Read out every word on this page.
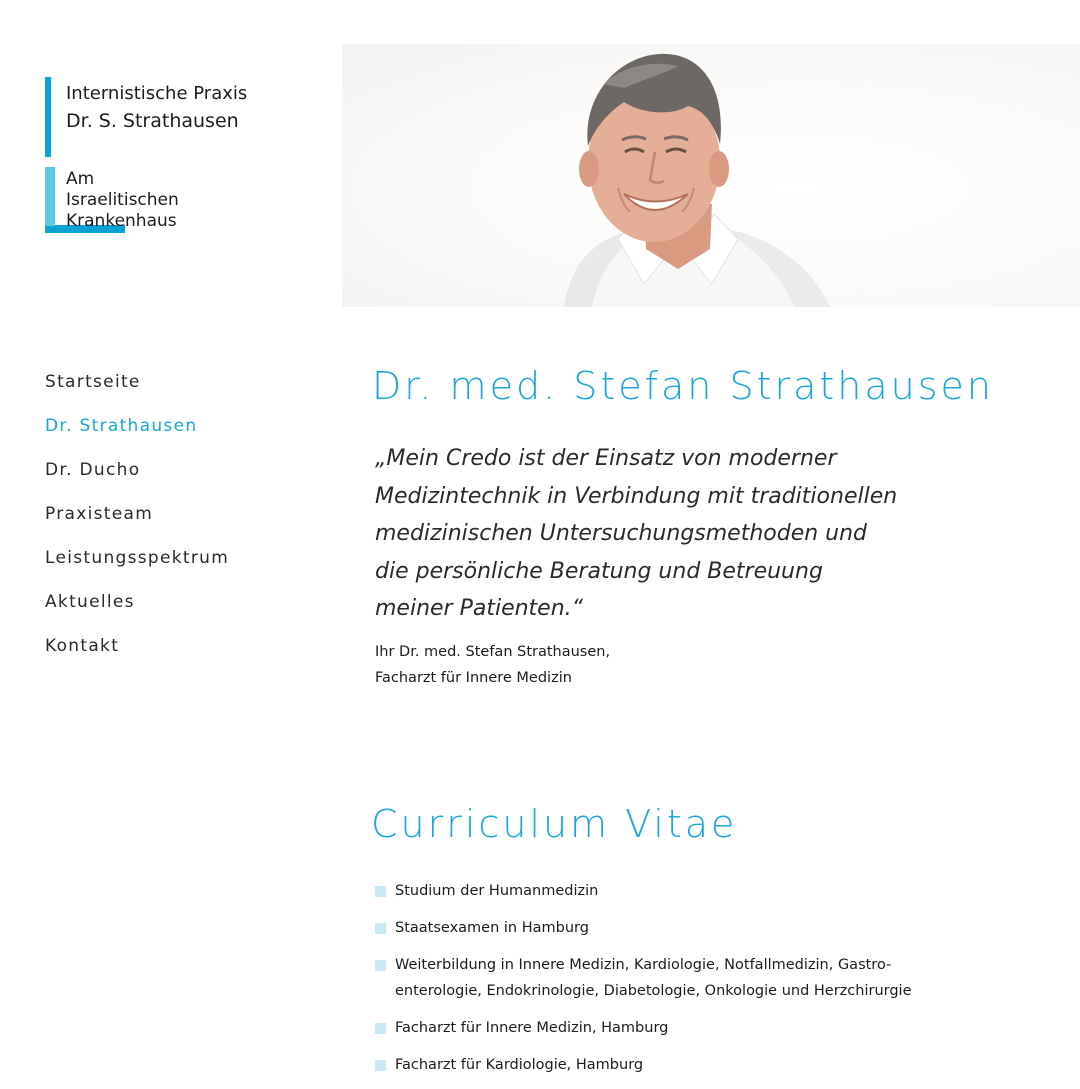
Internistische Praxis
Dr. S. Strathausen
Am
Israelitischen
Krankenhaus
Startseite
Dr. Strathausen
Dr. Ducho
Praxisteam
Leistungsspektrum
Aktuelles
Kontakt
Dr. med. Stefan Strathausen
„Mein Credo ist der Einsatz von moderner
Medizintechnik in Verbindung mit traditionellen
medizinischen Untersuchungsmethoden und
die persönliche Beratung und Betreuung
meiner Patienten.“
Ihr Dr. med. Stefan Strathausen,
Facharzt für Innere Medizin
Curriculum Vitae
Studium der Humanmedizin
Staatsexamen in Hamburg
Weiterbildung in Innere Medizin, Kardiologie, Notfallmedizin, Gastro-
enterologie, Endokrinologie, Diabetologie, Onkologie und Herzchirurgie
Facharzt für Innere Medizin, Hamburg
Facharzt für Kardiologie, Hamburg
